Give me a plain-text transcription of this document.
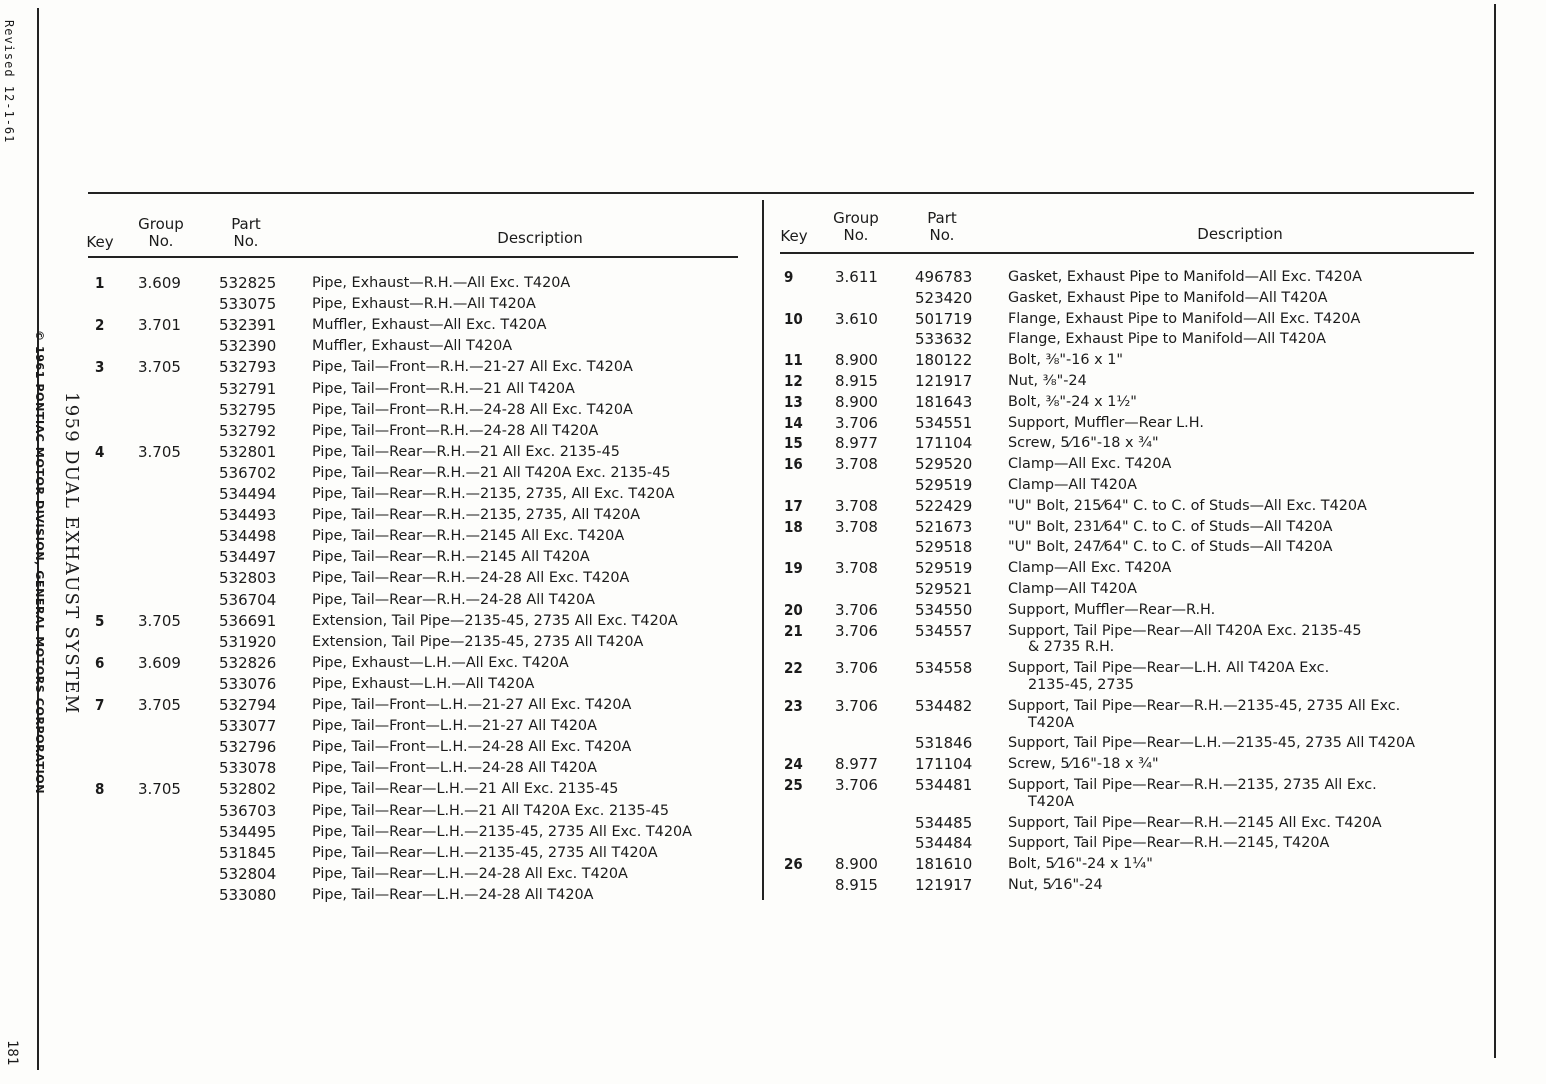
Revised 12-1-61
© 1961 PONTIAC MOTOR DIVISION, GENERAL MOTORS CORPORATION 1959 DUAL EXHAUST SYSTEM
181
Key
Group
No.
Part
No.	Description	Key
Group
No.
Part
No.	Description
1 3.609	532825 Pipe, Exhaust—R.H.—All Exc. T420A
533075 Pipe, Exhaust—R.H.—All T420A
2 3.701	532391 Muffler, Exhaust—All Exc. T420A
532390 Muffler, Exhaust—All T420A
3 3.705	532793 Pipe, Tail—Front—R.H.—21-27 All Exc. T420A
532791 Pipe, Tail—Front—R.H.—21 All T420A
532795 Pipe, Tail—Front—R.H.—24-28 All Exc. T420A
532792 Pipe, Tail—Front—R.H.—24-28 All T420A
4 3.705	532801 Pipe, Tail—Rear—R.H.—21 All Exc. 2135-45
536702 Pipe, Tail—Rear—R.H.—21 All T420A Exc. 2135-45
534494 Pipe, Tail—Rear—R.H.—2135, 2735, All Exc. T420A
534493 Pipe, Tail—Rear—R.H.—2135, 2735, All T420A
534498 Pipe, Tail—Rear—R.H.—2145 All Exc. T420A
534497 Pipe, Tail—Rear—R.H.—2145 All T420A
532803 Pipe, Tail—Rear—R.H.—24-28 All Exc. T420A
536704 Pipe, Tail—Rear—R.H.—24-28 All T420A
5 3.705	536691 Extension, Tail Pipe—2135-45, 2735 All Exc. T420A
531920 Extension, Tail Pipe—2135-45, 2735 All T420A
6 3.609	532826 Pipe, Exhaust—L.H.—All Exc. T420A
533076 Pipe, Exhaust—L.H.—All T420A
7 3.705	532794 Pipe, Tail—Front—L.H.—21-27 All Exc. T420A
533077 Pipe, Tail—Front—L.H.—21-27 All T420A
532796 Pipe, Tail—Front—L.H.—24-28 All Exc. T420A
533078 Pipe, Tail—Front—L.H.—24-28 All T420A
8 3.705	532802 Pipe, Tail—Rear—L.H.—21 All Exc. 2135-45
536703 Pipe, Tail—Rear—L.H.—21 All T420A Exc. 2135-45
534495 Pipe, Tail—Rear—L.H.—2135-45, 2735 All Exc. T420A
531845 Pipe, Tail—Rear—L.H.—2135-45, 2735 All T420A
532804 Pipe, Tail—Rear—L.H.—24-28 All Exc. T420A
533080 Pipe, Tail—Rear—L.H.—24-28 All T420A
9	3.611 496783 Gasket, Exhaust Pipe to Manifold—All Exc. T420A
523420 Gasket, Exhaust Pipe to Manifold—All T420A
10 3.610 501719 Flange, Exhaust Pipe to Manifold—All Exc. T420A
533632 Flange, Exhaust Pipe to Manifold—All T420A
11 8.900 180122 Bolt, ⅜"-16 x 1"
12 8.915 121917 Nut, ⅜"-24
13 8.900 181643 Bolt, ⅜"-24 x 1½"
14 3.706 534551 Support, Muffler—Rear L.H.
15 8.977 171104 Screw, 5⁄16"-18 x ¾"
16 3.708 529520 Clamp—All Exc. T420A
529519 Clamp—All T420A
17 3.708 522429 "U" Bolt, 215⁄64" C. to C. of Studs—All Exc. T420A
18 3.708 521673 "U" Bolt, 231⁄64" C. to C. of Studs—All T420A
529518 "U" Bolt, 247⁄64" C. to C. of Studs—All T420A
19 3.708 529519 Clamp—All Exc. T420A
529521 Clamp—All T420A
20 3.706 534550 Support, Muffler—Rear—R.H.
21 3.706 534557 Support, Tail Pipe—Rear—All T420A Exc. 2135-45
& 2735 R.H.
22 3.706 534558 Support, Tail Pipe—Rear—L.H. All T420A Exc.
2135-45, 2735
23 3.706 534482 Support, Tail Pipe—Rear—R.H.—2135-45, 2735 All Exc.
T420A
531846 Support, Tail Pipe—Rear—L.H.—2135-45, 2735 All T420A
24 8.977 171104 Screw, 5⁄16"-18 x ¾"
25 3.706 534481 Support, Tail Pipe—Rear—R.H.—2135, 2735 All Exc.
T420A
534485 Support, Tail Pipe—Rear—R.H.—2145 All Exc. T420A
534484 Support, Tail Pipe—Rear—R.H.—2145, T420A
26 8.900 181610 Bolt, 5⁄16"-24 x 1¼"
8.915 121917 Nut, 5⁄16"-24
